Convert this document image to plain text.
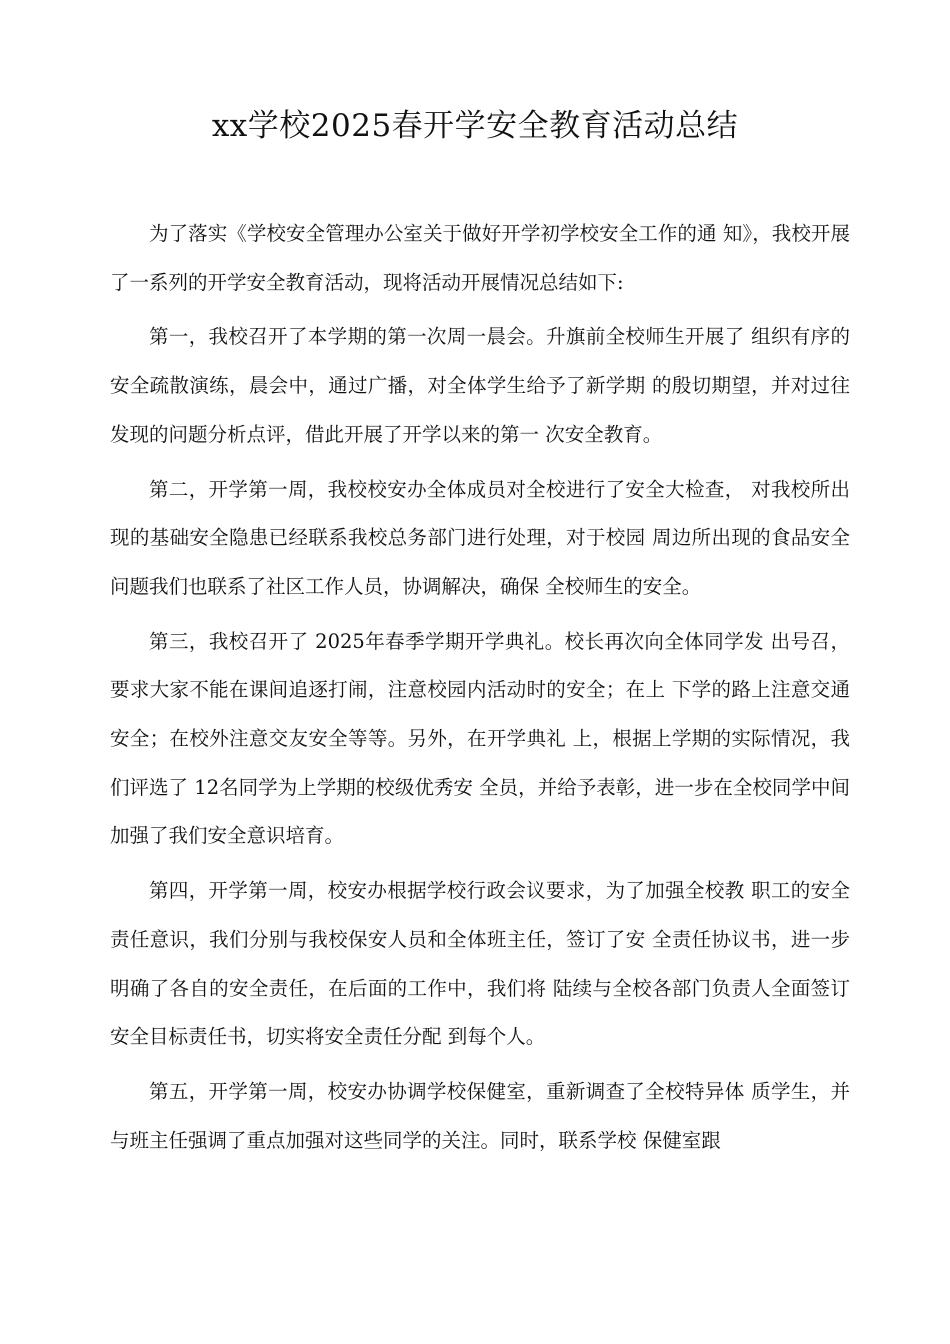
xx学校2025春开学安全教育活动总结

为了落实《学校安全管理办公室关于做好开学初学校安全工作的通 知》，我校开展了一系列的开学安全教育活动，现将活动开展情况总结如下:

第一，我校召开了本学期的第一次周一晨会。升旗前全校师生开展了 组织有序的安全疏散演练，晨会中，通过广播，对全体学生给予了新学期 的殷切期望，并对过往发现的问题分析点评，借此开展了开学以来的第一 次安全教育。

第二，开学第一周，我校校安办全体成员对全校进行了安全大检查， 对我校所出现的基础安全隐患已经联系我校总务部门进行处理，对于校园 周边所出现的食品安全问题我们也联系了社区工作人员，协调解决，确保 全校师生的安全。

第三，我校召开了 2025年春季学期开学典礼。校长再次向全体同学发 出号召，要求大家不能在课间追逐打闹，注意校园内活动时的安全；在上 下学的路上注意交通安全；在校外注意交友安全等等。另外，在开学典礼 上，根据上学期的实际情况，我们评选了 12名同学为上学期的校级优秀安 全员，并给予表彰，进一步在全校同学中间加强了我们安全意识培育。

第四，开学第一周，校安办根据学校行政会议要求，为了加强全校教 职工的安全责任意识，我们分别与我校保安人员和全体班主任，签订了安 全责任协议书，进一步明确了各自的安全责任，在后面的工作中，我们将 陆续与全校各部门负责人全面签订安全目标责任书，切实将安全责任分配 到每个人。

第五，开学第一周，校安办协调学校保健室，重新调查了全校特异体 质学生，并与班主任强调了重点加强对这些同学的关注。同时，联系学校 保健室跟
